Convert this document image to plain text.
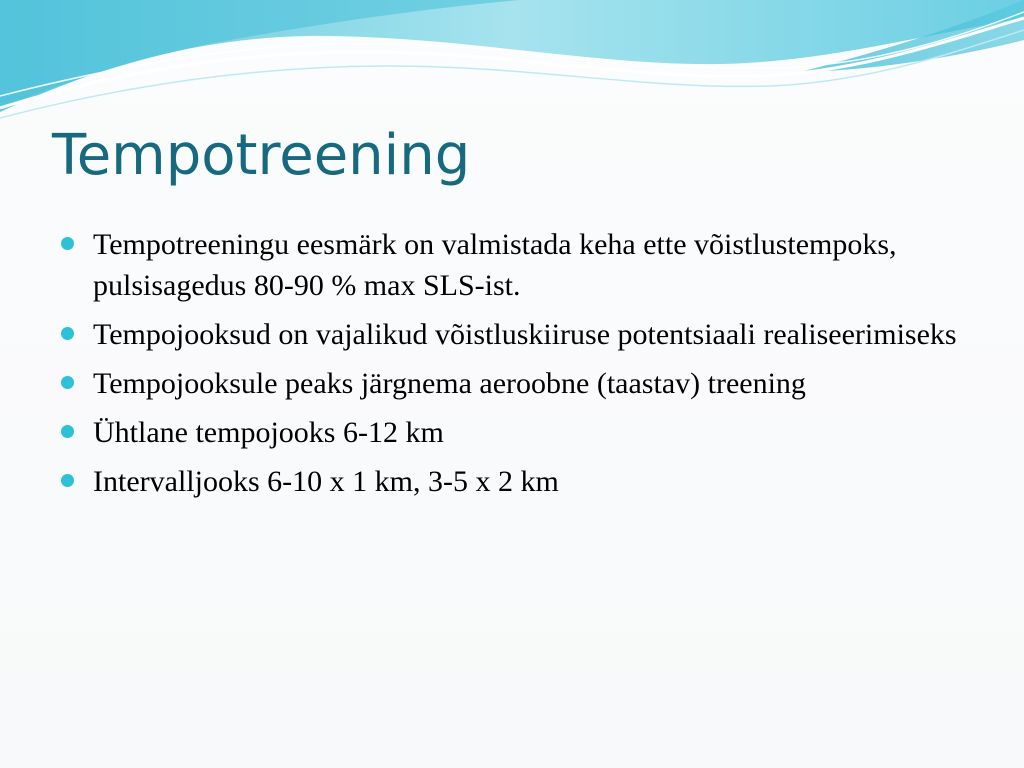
Tempotreening
Tempotreeningu eesmärk on valmistada keha ette võistlustempoks, pulsisagedus 80-90 % max SLS-ist.
Tempojooksud on vajalikud võistluskiiruse potentsiaali realiseerimiseks
Tempojooksule peaks järgnema aeroobne (taastav) treening
Ühtlane tempojooks 6-12 km
Intervalljooks 6-10 x 1 km, 3-5 x 2 km
